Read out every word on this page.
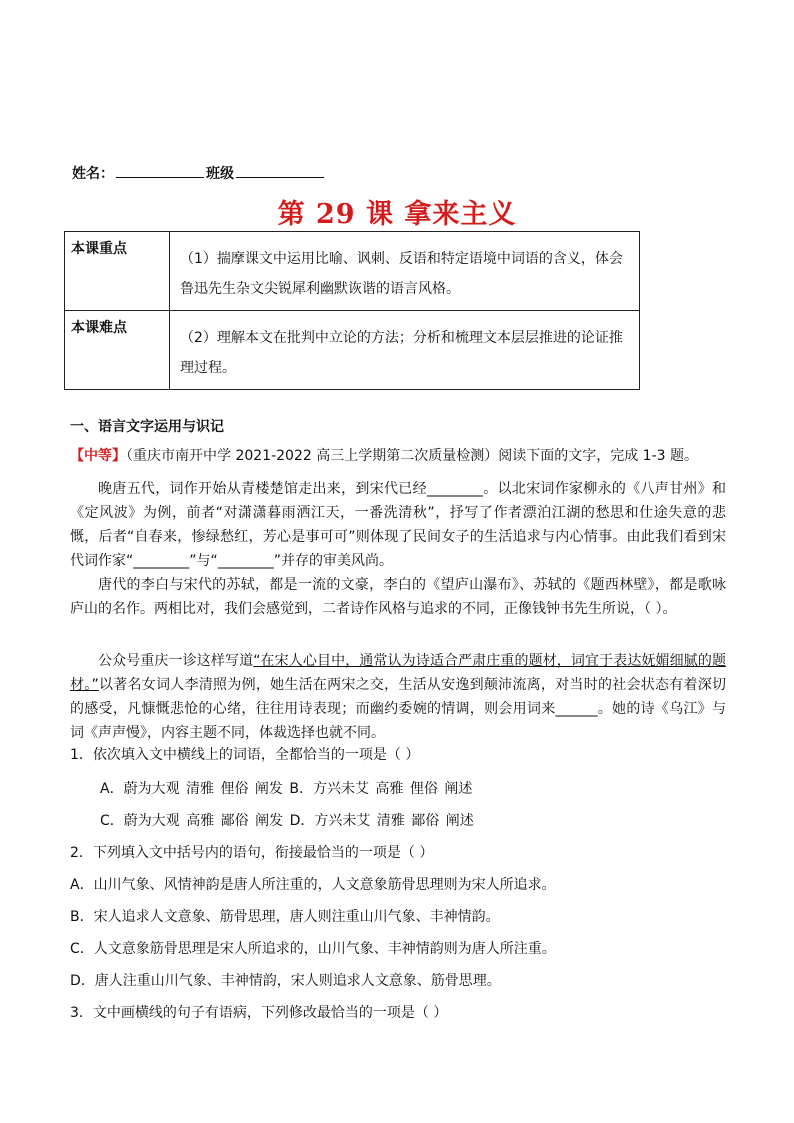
姓名：	班级
第 29 课 拿来主义
本课重点	（1）揣摩课文中运用比喻、讽刺、反语和特定语境中词语的含义，体会鲁迅先生杂文尖锐犀利幽默诙谐的语言风格。
本课难点	（2）理解本文在批判中立论的方法；分析和梳理文本层层推进的论证推理过程。
一、语言文字运用与识记
【中等】（重庆市南开中学 2021-2022 高三上学期第二次质量检测）阅读下面的文字，完成 1-3 题。

晚唐五代，词作开始从青楼楚馆走出来，到宋代已经________。以北宋词作家柳永的《八声甘州》和《定风波》为例，前者“对潇潇暮雨洒江天，一番洗清秋”，抒写了作者漂泊江湖的愁思和仕途失意的悲慨，后者“自春来，惨绿愁红，芳心是事可可”则体现了民间女子的生活追求与内心情事。由此我们看到宋代词作家“________”与“________”并存的审美风尚。

唐代的李白与宋代的苏轼，都是一流的文豪，李白的《望庐山瀑布》、苏轼的《题西林壁》，都是歌咏庐山的名作。两相比对，我们会感觉到，二者诗作风格与追求的不同，正像钱钟书先生所说，（ ）。

公众号重庆一诊这样写道“在宋人心目中，通常认为诗适合严肃庄重的题材，词宜于表达妩媚细腻的题材。”以著名女词人李清照为例，她生活在两宋之交，生活从安逸到颠沛流离，对当时的社会状态有着深切的感受，凡慷慨悲怆的心绪，往往用诗表现；而幽约委婉的情调，则会用词来______。她的诗《乌江》与词《声声慢》，内容主题不同，体裁选择也就不同。

1．依次填入文中横线上的词语，全都恰当的一项是（ ）
A．蔚为大观 清雅 俚俗 阐发 B．方兴未艾 高雅 俚俗 阐述
C．蔚为大观 高雅 鄙俗 阐发 D．方兴未艾 清雅 鄙俗 阐述
2．下列填入文中括号内的语句，衔接最恰当的一项是（ ）
A．山川气象、风情神韵是唐人所注重的，人文意象筋骨思理则为宋人所追求。
B．宋人追求人文意象、筋骨思理，唐人则注重山川气象、丰神情韵。
C．人文意象筋骨思理是宋人所追求的，山川气象、丰神情韵则为唐人所注重。
D．唐人注重山川气象、丰神情韵，宋人则追求人文意象、筋骨思理。
3．文中画横线的句子有语病，下列修改最恰当的一项是（ ）
